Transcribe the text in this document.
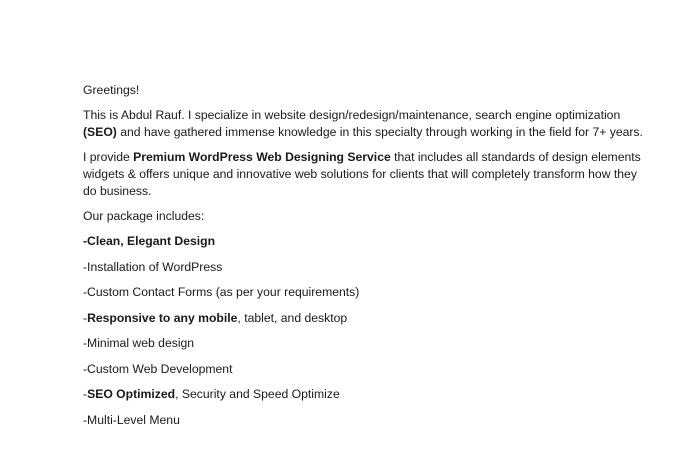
Greetings!

This is Abdul Rauf. I specialize in website design/redesign/maintenance, search engine optimization (SEO) and have gathered immense knowledge in this specialty through working in the field for 7+ years.

I provide Premium WordPress Web Designing Service that includes all standards of design elements widgets & offers unique and innovative web solutions for clients that will completely transform how they do business.

Our package includes:

-Clean, Elegant Design

-Installation of WordPress

-Custom Contact Forms (as per your requirements)

-Responsive to any mobile, tablet, and desktop

-Minimal web design

-Custom Web Development

-SEO Optimized, Security and Speed Optimize

-Multi-Level Menu
